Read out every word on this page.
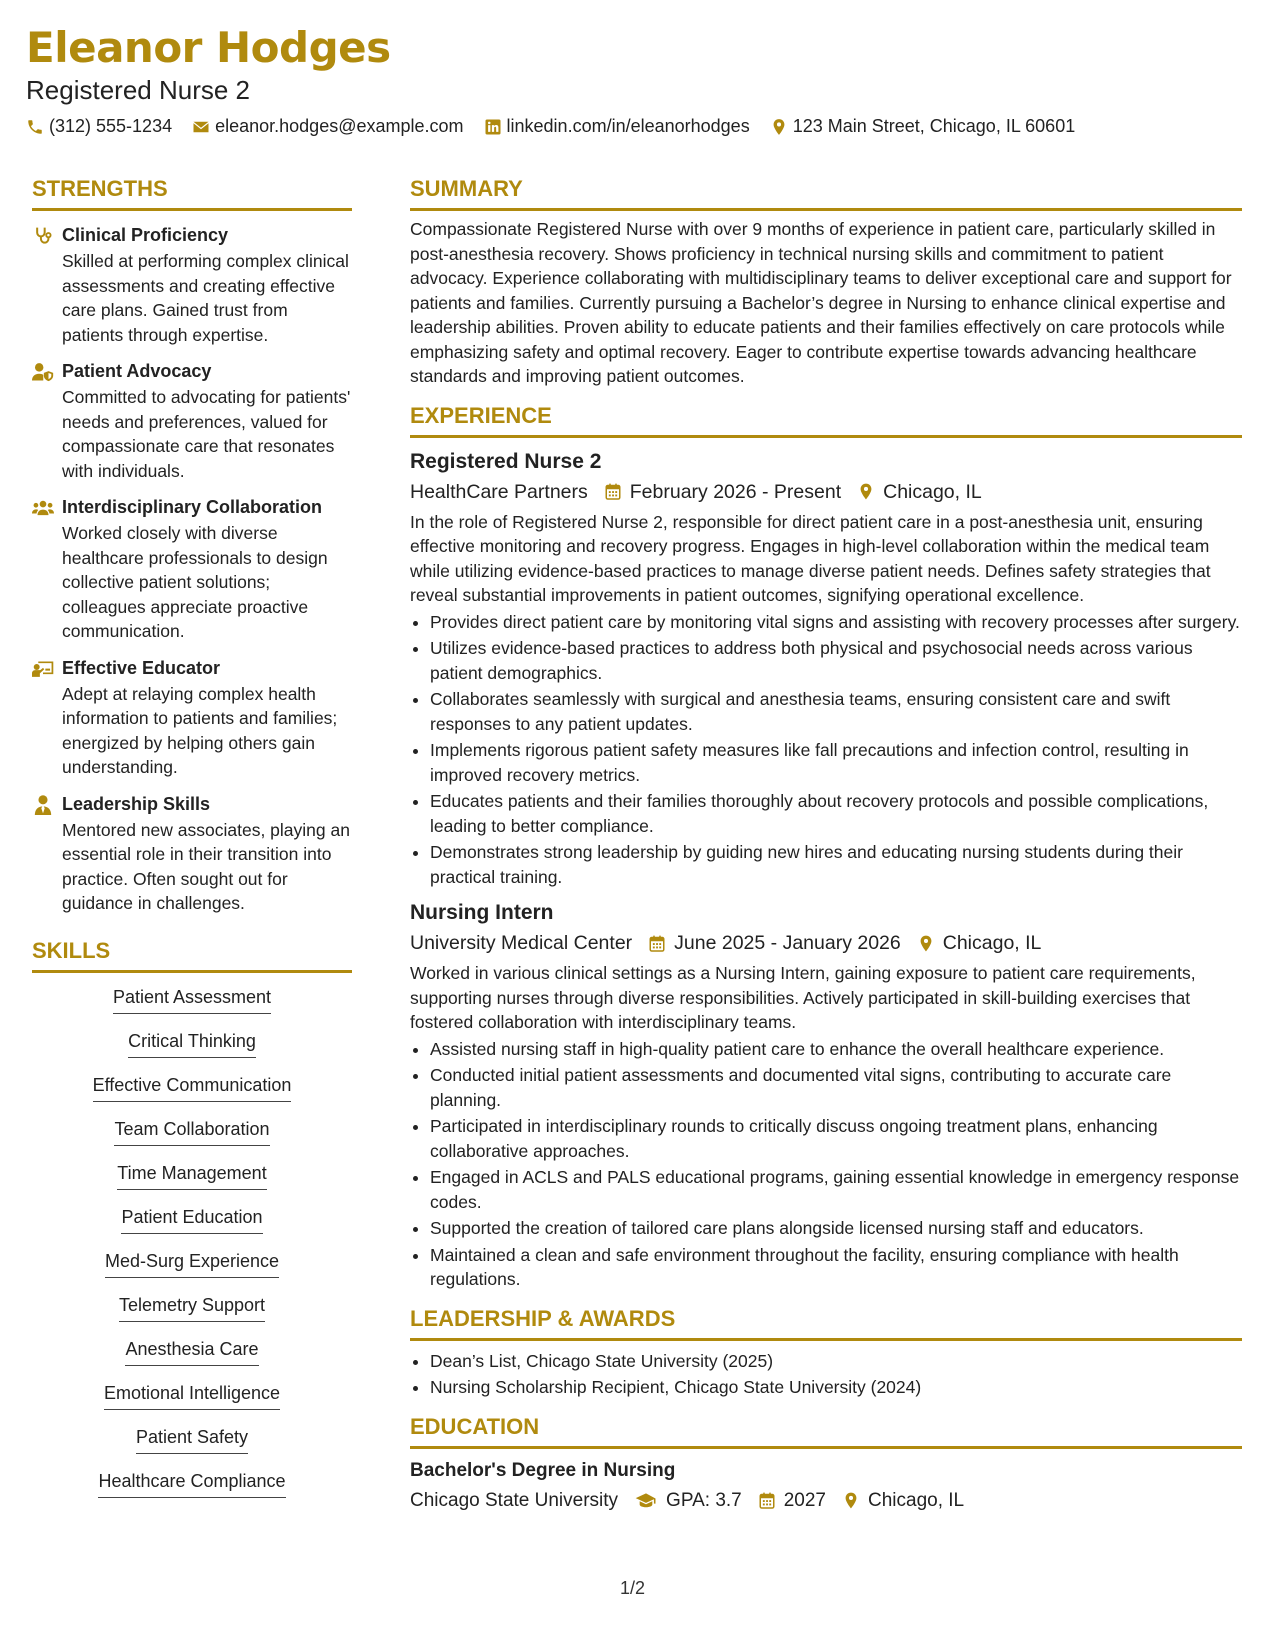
Eleanor Hodges
Registered Nurse 2
(312) 555-1234 eleanor.hodges@example.com linkedin.com/in/eleanorhodges 123 Main Street, Chicago, IL 60601
STRENGTHS
Clinical Proficiency
Skilled at performing complex clinical assessments and creating effective care plans. Gained trust from patients through expertise.
Patient Advocacy
Committed to advocating for patients' needs and preferences, valued for compassionate care that resonates with individuals.
Interdisciplinary Collaboration
Worked closely with diverse healthcare professionals to design collective patient solutions; colleagues appreciate proactive communication.
Effective Educator
Adept at relaying complex health information to patients and families; energized by helping others gain understanding.
Leadership Skills
Mentored new associates, playing an essential role in their transition into practice. Often sought out for guidance in challenges.
SKILLS
Patient Assessment
Critical Thinking
Effective Communication
Team Collaboration
Time Management
Patient Education
Med-Surg Experience
Telemetry Support
Anesthesia Care
Emotional Intelligence
Patient Safety
Healthcare Compliance
SUMMARY
Compassionate Registered Nurse with over 9 months of experience in patient care, particularly skilled in post-anesthesia recovery. Shows proficiency in technical nursing skills and commitment to patient advocacy. Experience collaborating with multidisciplinary teams to deliver exceptional care and support for patients and families. Currently pursuing a Bachelor’s degree in Nursing to enhance clinical expertise and leadership abilities. Proven ability to educate patients and their families effectively on care protocols while emphasizing safety and optimal recovery. Eager to contribute expertise towards advancing healthcare standards and improving patient outcomes.
EXPERIENCE
Registered Nurse 2
HealthCare Partners February 2026 - Present Chicago, IL
In the role of Registered Nurse 2, responsible for direct patient care in a post-anesthesia unit, ensuring effective monitoring and recovery progress. Engages in high-level collaboration within the medical team while utilizing evidence-based practices to manage diverse patient needs. Defines safety strategies that reveal substantial improvements in patient outcomes, signifying operational excellence.
• Provides direct patient care by monitoring vital signs and assisting with recovery processes after surgery.
• Utilizes evidence-based practices to address both physical and psychosocial needs across various patient demographics.
• Collaborates seamlessly with surgical and anesthesia teams, ensuring consistent care and swift responses to any patient updates.
• Implements rigorous patient safety measures like fall precautions and infection control, resulting in improved recovery metrics.
• Educates patients and their families thoroughly about recovery protocols and possible complications, leading to better compliance.
• Demonstrates strong leadership by guiding new hires and educating nursing students during their practical training.
Nursing Intern
University Medical Center June 2025 - January 2026 Chicago, IL
Worked in various clinical settings as a Nursing Intern, gaining exposure to patient care requirements, supporting nurses through diverse responsibilities. Actively participated in skill-building exercises that fostered collaboration with interdisciplinary teams.
• Assisted nursing staff in high-quality patient care to enhance the overall healthcare experience.
• Conducted initial patient assessments and documented vital signs, contributing to accurate care planning.
• Participated in interdisciplinary rounds to critically discuss ongoing treatment plans, enhancing collaborative approaches.
• Engaged in ACLS and PALS educational programs, gaining essential knowledge in emergency response codes.
• Supported the creation of tailored care plans alongside licensed nursing staff and educators.
• Maintained a clean and safe environment throughout the facility, ensuring compliance with health regulations.
LEADERSHIP & AWARDS
• Dean’s List, Chicago State University (2025)
• Nursing Scholarship Recipient, Chicago State University (2024)
EDUCATION
Bachelor's Degree in Nursing
Chicago State University	GPA: 3.7 2027 Chicago, IL
1/2
